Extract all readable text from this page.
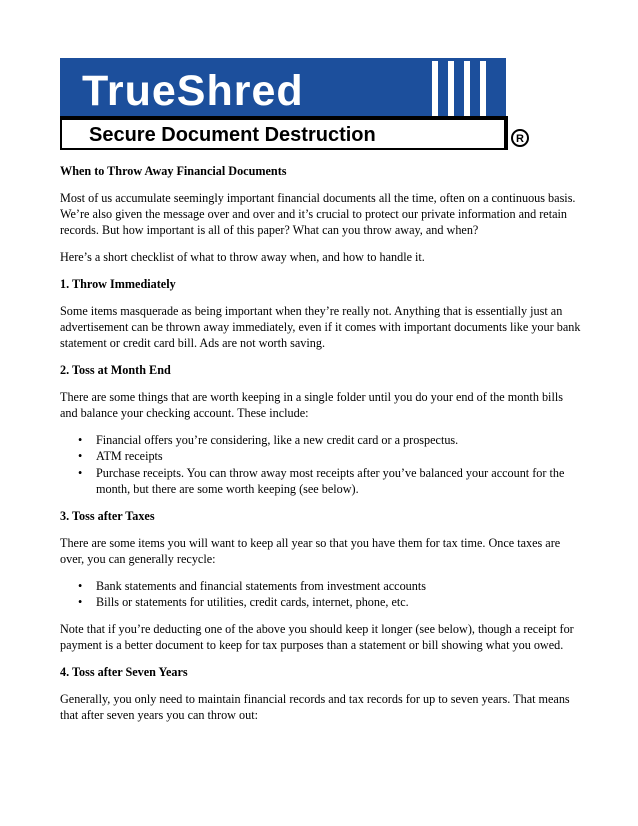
TrueShred
Secure Document Destruction	R
When to Throw Away Financial Documents

Most of us accumulate seemingly important financial documents all the time, often on a continuous basis. We’re also given the message over and over and it’s crucial to protect our private information and retain records. But how important is all of this paper? What can you throw away, and when?

Here’s a short checklist of what to throw away when, and how to handle it.

1. Throw Immediately

Some items masquerade as being important when they’re really not. Anything that is essentially just an advertisement can be thrown away immediately, even if it comes with important documents like your bank statement or credit card bill. Ads are not worth saving.

2. Toss at Month End

There are some things that are worth keeping in a single folder until you do your end of the month bills and balance your checking account. These include:

• Financial offers you’re considering, like a new credit card or a prospectus.
• ATM receipts
• Purchase receipts. You can throw away most receipts after you’ve balanced your account for the month, but there are some worth keeping (see below).
3. Toss after Taxes

There are some items you will want to keep all year so that you have them for tax time. Once taxes are over, you can generally recycle:

• Bank statements and financial statements from investment accounts
• Bills or statements for utilities, credit cards, internet, phone, etc.

Note that if you’re deducting one of the above you should keep it longer (see below), though a receipt for payment is a better document to keep for tax purposes than a statement or bill showing what you owed.

4. Toss after Seven Years

Generally, you only need to maintain financial records and tax records for up to seven years. That means that after seven years you can throw out:
